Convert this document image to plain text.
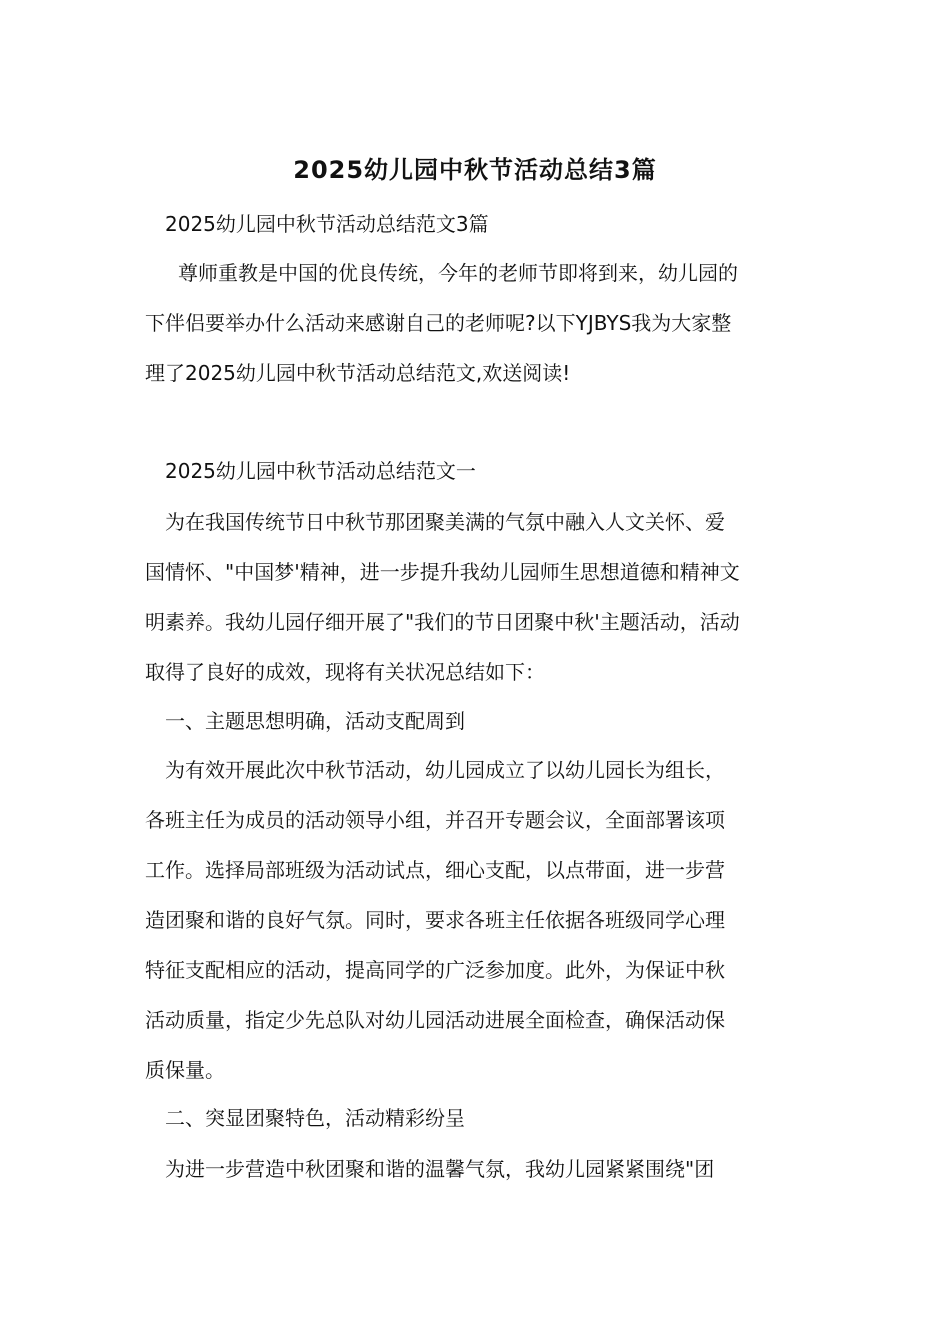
2025幼儿园中秋节活动总结3篇
2025幼儿园中秋节活动总结范文3篇
尊师重教是中国的优良传统，今年的老师节即将到来，幼儿园的
下伴侣要举办什么活动来感谢自己的老师呢?以下YJBYS我为大家整
理了2025幼儿园中秋节活动总结范文,欢送阅读!
2025幼儿园中秋节活动总结范文一
为在我国传统节日中秋节那团聚美满的气氛中融入人文关怀、爱
国情怀、"中国梦'精神，进一步提升我幼儿园师生思想道德和精神文
明素养。我幼儿园仔细开展了"我们的节日团聚中秋'主题活动，活动
取得了良好的成效，现将有关状况总结如下：
一、主题思想明确，活动支配周到
为有效开展此次中秋节活动，幼儿园成立了以幼儿园长为组长，
各班主任为成员的活动领导小组，并召开专题会议，全面部署该项
工作。选择局部班级为活动试点，细心支配，以点带面，进一步营
造团聚和谐的良好气氛。同时，要求各班主任依据各班级同学心理
特征支配相应的活动，提高同学的广泛参加度。此外，为保证中秋
活动质量，指定少先总队对幼儿园活动进展全面检查，确保活动保
质保量。
二、突显团聚特色，活动精彩纷呈
为进一步营造中秋团聚和谐的温馨气氛，我幼儿园紧紧围绕"团
